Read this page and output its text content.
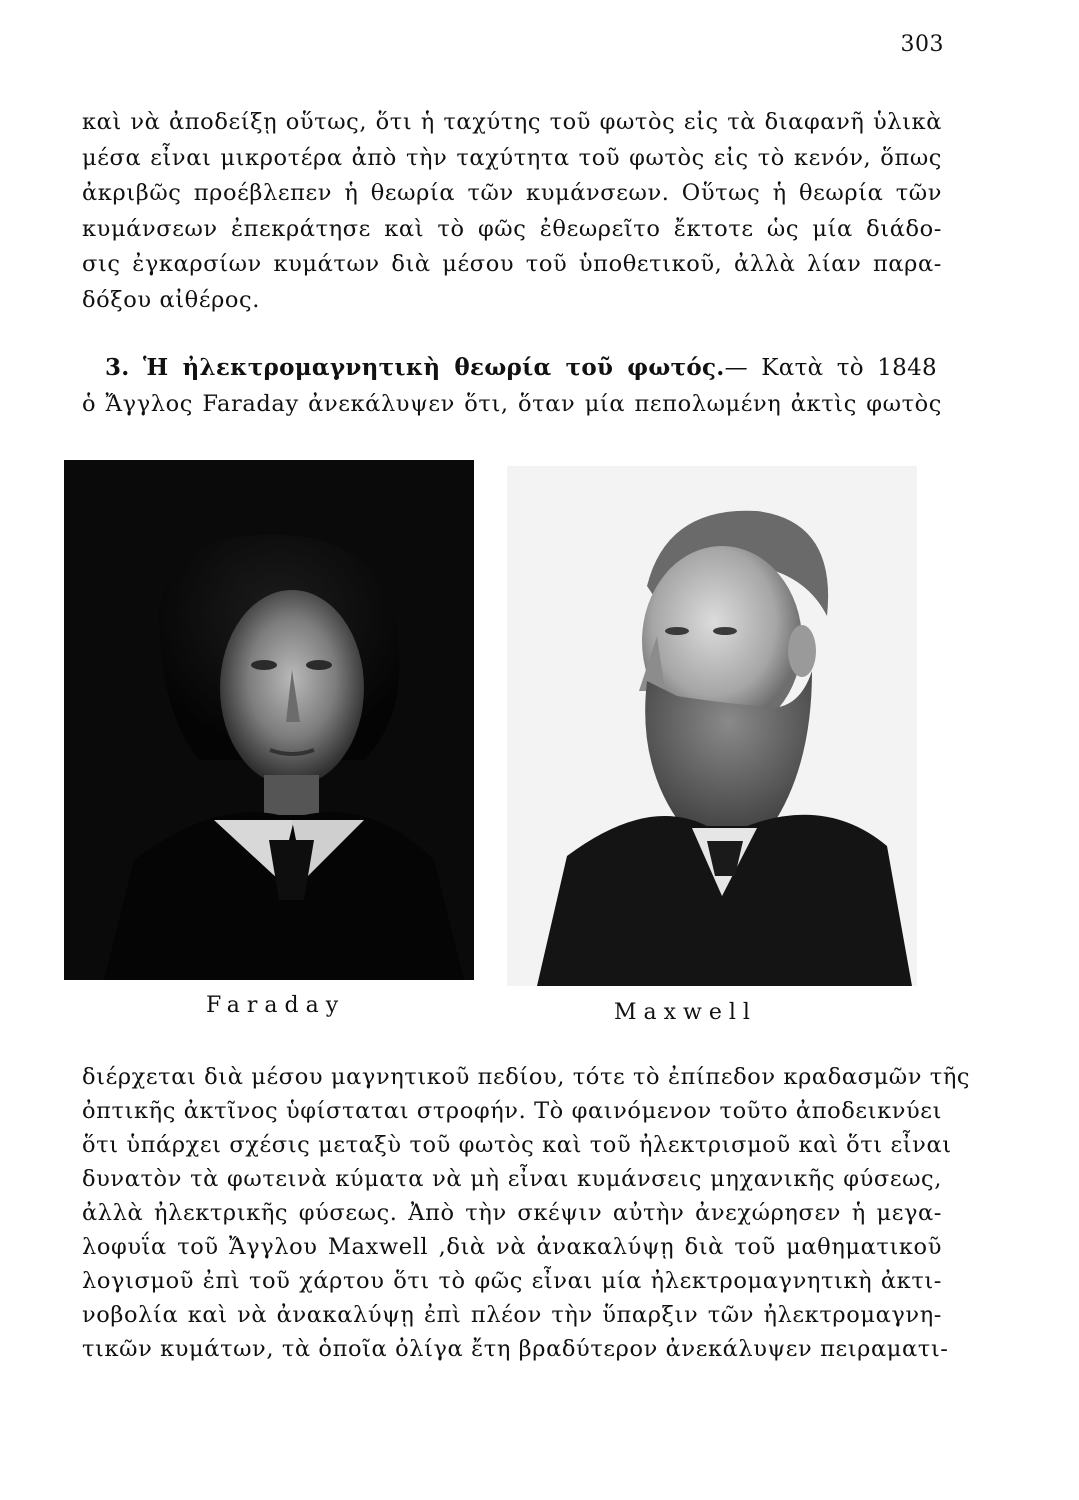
303
καὶ νὰ ἀποδείξῃ οὕτως, ὅτι ἡ ταχύτης τοῦ φωτὸς εἰς τὰ διαφανῆ ὑλικὰ
μέσα εἶναι μικροτέρα ἀπὸ τὴν ταχύτητα τοῦ φωτὸς εἰς τὸ κενόν, ὅπως
ἀκριβῶς προέβλεπεν ἡ θεωρία τῶν κυμάνσεων. Οὕτως ἡ θεωρία τῶν
κυμάνσεων ἐπεκράτησε καὶ τὸ φῶς ἐθεωρεῖτο ἔκτοτε ὡς μία διάδο-
σις ἐγκαρσίων κυμάτων διὰ μέσου τοῦ ὑποθετικοῦ, ἀλλὰ λίαν παρα-
δόξου αἰθέρος.
3. Ἡ ἠλεκτρομαγνητικὴ θεωρία τοῦ φωτός.— Κατὰ τὸ 1848
ὁ Ἄγγλος Faraday ἀνεκάλυψεν ὅτι, ὅταν μία πεπολωμένη ἀκτὶς φωτὸς
Faraday	Maxwell
διέρχεται διὰ μέσου μαγνητικοῦ πεδίου, τότε τὸ ἐπίπεδον κραδασμῶν τῆς
ὀπτικῆς ἀκτῖνος ὑφίσταται στροφήν. Τὸ φαινόμενον τοῦτο ἀποδεικνύει
ὅτι ὑπάρχει σχέσις μεταξὺ τοῦ φωτὸς καὶ τοῦ ἠλεκτρισμοῦ καὶ ὅτι εἶναι
δυνατὸν τὰ φωτεινὰ κύματα νὰ μὴ εἶναι κυμάνσεις μηχανικῆς φύσεως,
ἀλλὰ ἠλεκτρικῆς φύσεως. Ἀπὸ τὴν σκέψιν αὐτὴν ἀνεχώρησεν ἡ μεγα-
λοφυΐα τοῦ Ἄγγλου Maxwell ,διὰ νὰ ἀνακαλύψῃ διὰ τοῦ μαθηματικοῦ
λογισμοῦ ἐπὶ τοῦ χάρτου ὅτι τὸ φῶς εἶναι μία ἠλεκτρομαγνητικὴ ἀκτι-
νοβολία καὶ νὰ ἀνακαλύψῃ ἐπὶ πλέον τὴν ὕπαρξιν τῶν ἠλεκτρομαγνη-
τικῶν κυμάτων, τὰ ὁποῖα ὀλίγα ἔτη βραδύτερον ἀνεκάλυψεν πειραματι-
